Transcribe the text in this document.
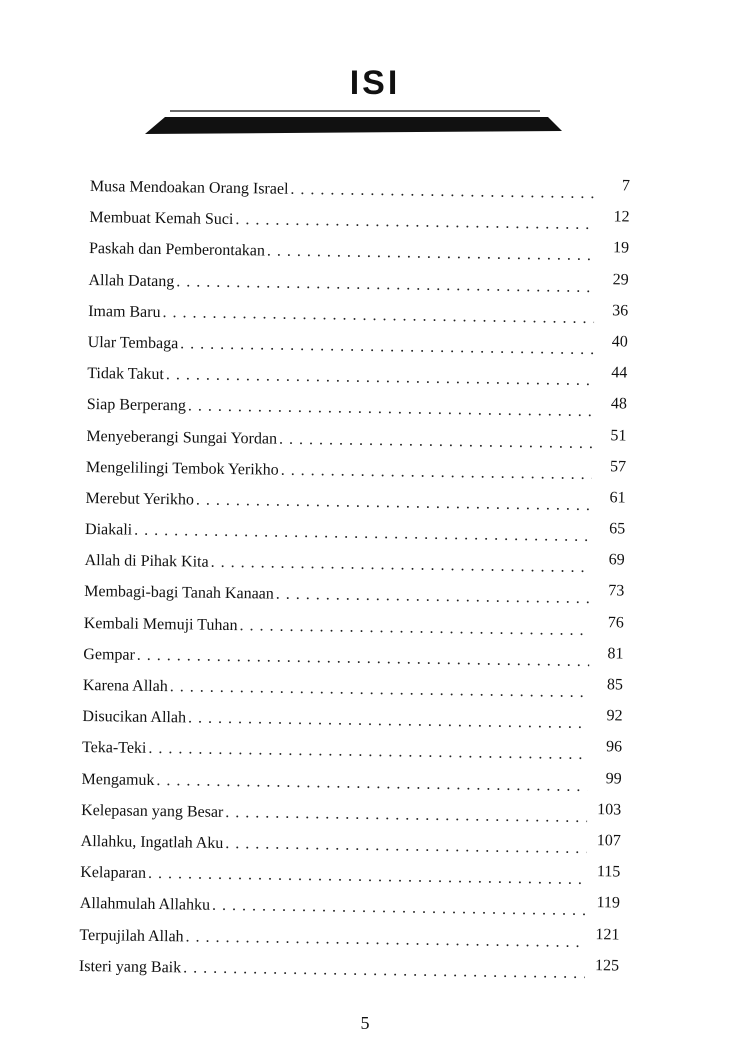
ISI
Musa Mendoakan Orang Israel . . .	7
Membuat Kemah Suci . . .	12
Paskah dan Pemberontakan . . .	19
Allah Datang . . .	29
Imam Baru . . .	36
Ular Tembaga . . .	40
Tidak Takut . . .	44
Siap Berperang . . .	48
Menyeberangi Sungai Yordan . . .	51
Mengelilingi Tembok Yerikho . . .	57
Merebut Yerikho . . .	61
Diakali . . .	65
Allah di Pihak Kita . . .	69
Membagi-bagi Tanah Kanaan . . .	73
Kembali Memuji Tuhan . . .	76
Gempar . . .	81
Karena Allah . . .	85
Disucikan Allah . . .	92
Teka-Teki . . .	96
Mengamuk . . .	99
Kelepasan yang Besar . . .	103
Allahku, Ingatlah Aku . . .	107
Kelaparan . . .	115
Allahmulah Allahku . . .	119
Terpujilah Allah . . .	121
Isteri yang Baik . . .	125

5
